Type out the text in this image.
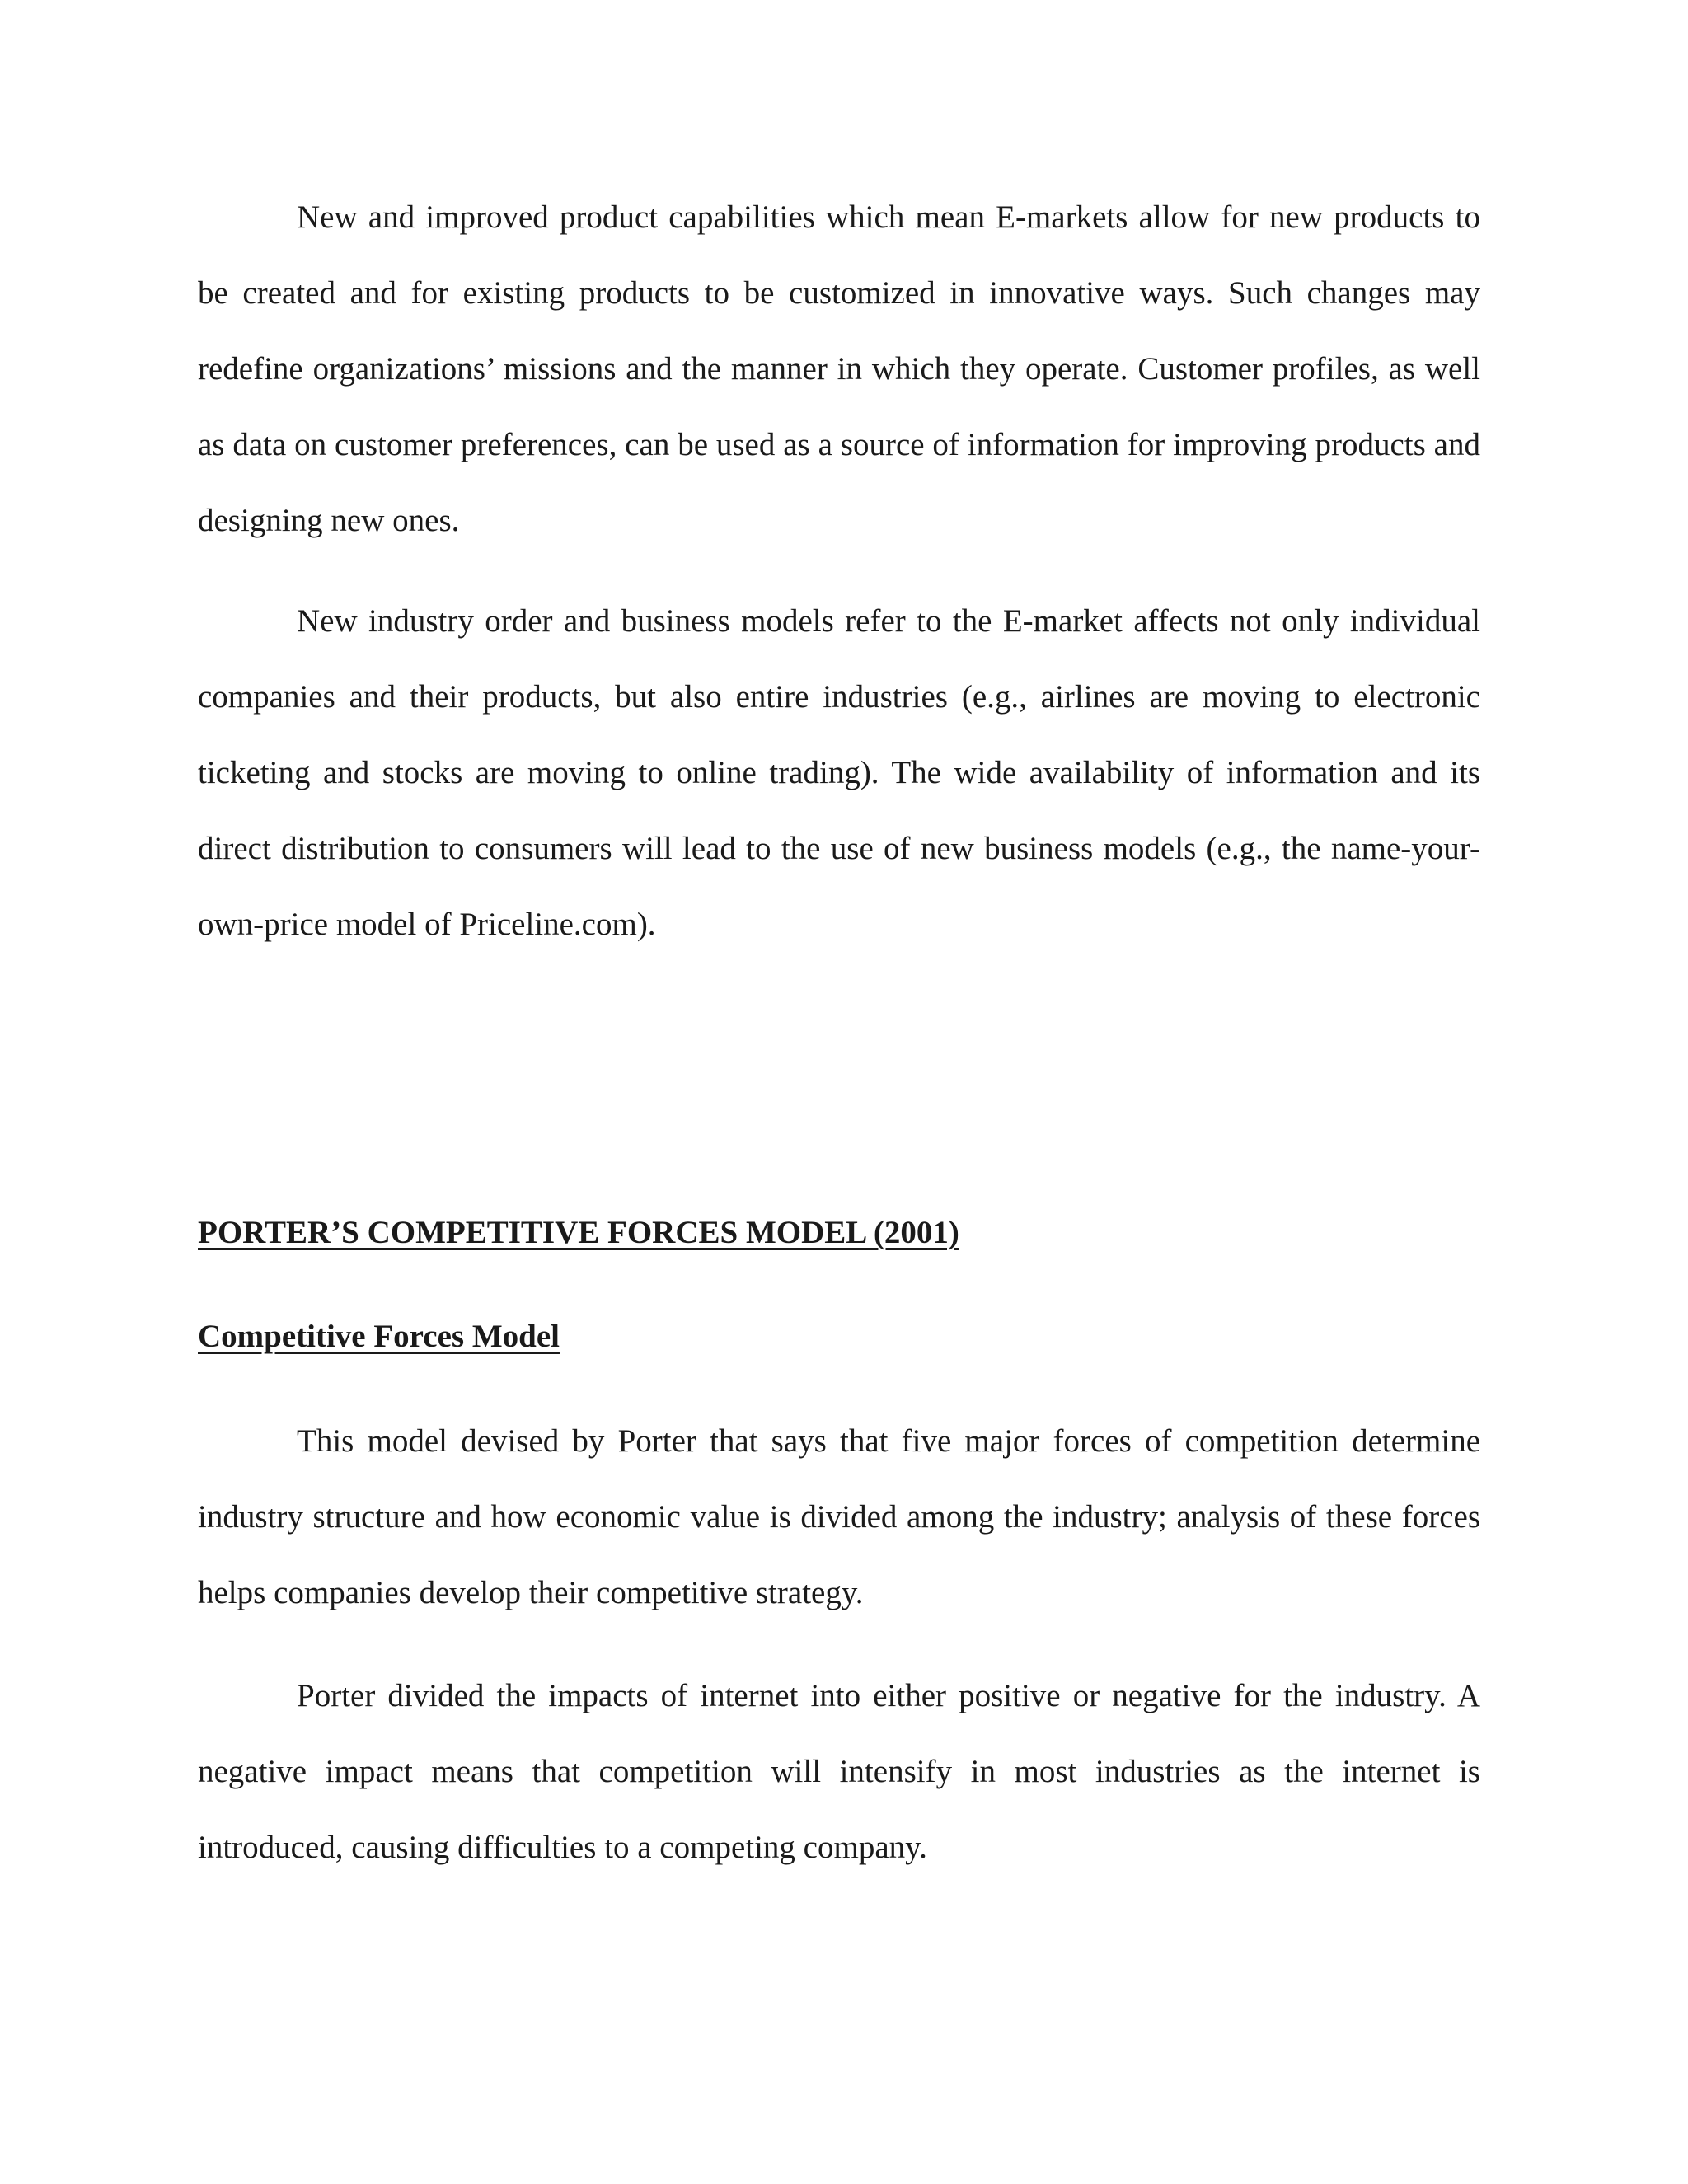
New and improved product capabilities which mean E-markets allow for new products to be created and for existing products to be customized in innovative ways. Such changes may redefine organizations’ missions and the manner in which they operate. Customer profiles, as well as data on customer preferences, can be used as a source of information for improving products and designing new ones.

New industry order and business models refer to the E-market affects not only individual companies and their products, but also entire industries (e.g., airlines are moving to electronic ticketing and stocks are moving to online trading). The wide availability of information and its direct distribution to consumers will lead to the use of new business models (e.g., the name-your-own-price model of Priceline.com).

PORTER’S COMPETITIVE FORCES MODEL (2001)
Competitive Forces Model

This model devised by Porter that says that five major forces of competition determine industry structure and how economic value is divided among the industry; analysis of these forces helps companies develop their competitive strategy.

Porter divided the impacts of internet into either positive or negative for the industry. A negative impact means that competition will intensify in most industries as the internet is introduced, causing difficulties to a competing company.
